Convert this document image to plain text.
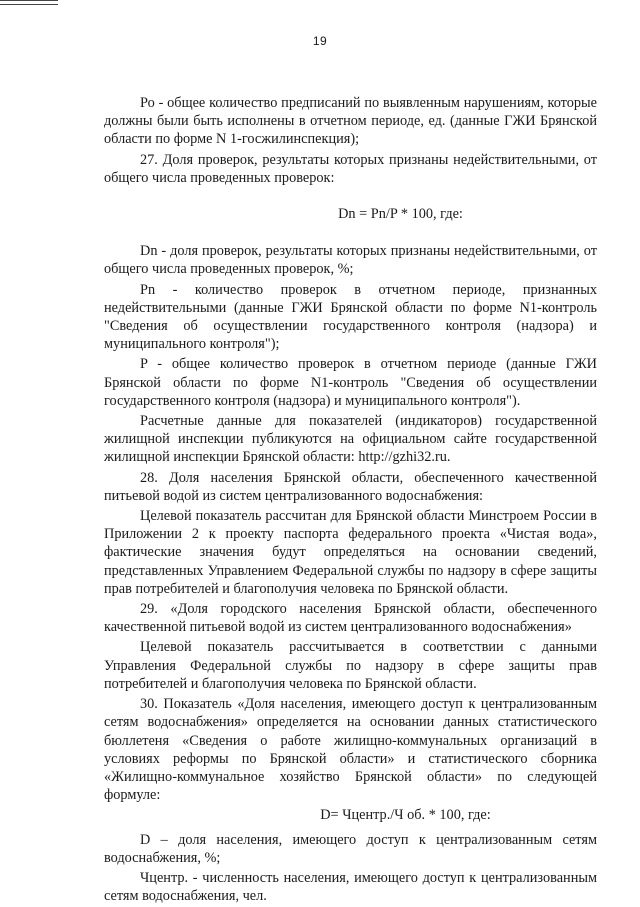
19

Ро - общее количество предписаний по выявленным нарушениям, которые должны были быть исполнены в отчетном периоде, ед. (данные ГЖИ Брянской области по форме N 1-госжилинспекция);

27. Доля проверок, результаты которых признаны недействительными, от общего числа проведенных проверок:

Dn = Pn/P * 100, где:

Dn - доля проверок, результаты которых признаны недействительными, от общего числа проведенных проверок, %;

Pn - количество проверок в отчетном периоде, признанных недействительными (данные ГЖИ Брянской области по форме N1-контроль "Сведения об осуществлении государственного контроля (надзора) и муниципального контроля");

P - общее количество проверок в отчетном периоде (данные ГЖИ Брянской области по форме N1-контроль "Сведения об осуществлении государственного контроля (надзора) и муниципального контроля").

Расчетные данные для показателей (индикаторов) государственной жилищной инспекции публикуются на официальном сайте государственной жилищной инспекции Брянской области: http://gzhi32.ru.

28. Доля населения Брянской области, обеспеченного качественной питьевой водой из систем централизованного водоснабжения:

Целевой показатель рассчитан для Брянской области Минстроем России в Приложении 2 к проекту паспорта федерального проекта «Чистая вода», фактические значения будут определяться на основании сведений, представленных Управлением Федеральной службы по надзору в сфере защиты прав потребителей и благополучия человека по Брянской области.

29. «Доля городского населения Брянской области, обеспеченного качественной питьевой водой из систем централизованного водоснабжения»

Целевой показатель рассчитывается в соответствии с данными Управления Федеральной службы по надзору в сфере защиты прав потребителей и благополучия человека по Брянской области.

30. Показатель «Доля населения, имеющего доступ к централизованным сетям водоснабжения» определяется на основании данных статистического бюллетеня «Сведения о работе жилищно-коммунальных организаций в условиях реформы по Брянской области» и статистического сборника «Жилищно-коммунальное хозяйство Брянской области» по следующей формуле:

D= Чцентр./Ч об. * 100, где:

D – доля населения, имеющего доступ к централизованным сетям водоснабжения, %;

Чцентр. - численность населения, имеющего доступ к централизованным сетям водоснабжения, чел.
